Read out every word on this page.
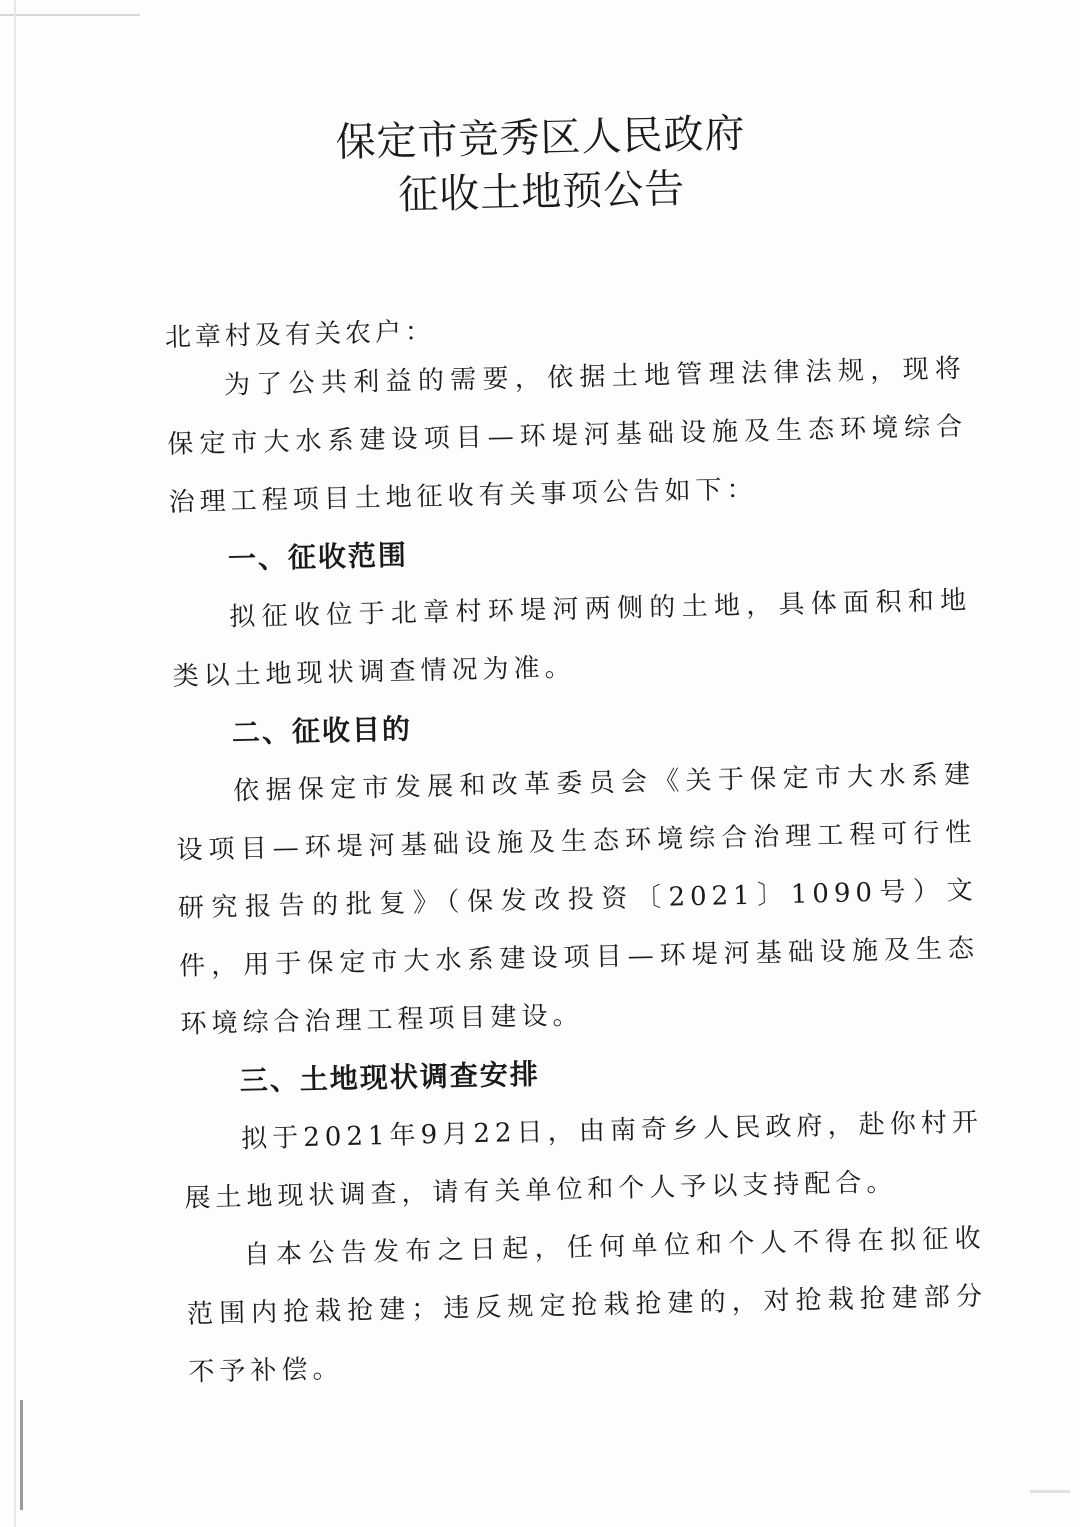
保定市竞秀区人民政府
征收土地预公告
北章村及有关农户：

为了公共利益的需要，依据土地管理法律法规，现将保定市大水系建设项目—环堤河基础设施及生态环境综合治理工程项目土地征收有关事项公告如下：

一、征收范围

拟征收位于北章村环堤河两侧的土地，具体面积和地类以土地现状调查情况为准。

二、征收目的

依据保定市发展和改革委员会《关于保定市大水系建设项目—环堤河基础设施及生态环境综合治理工程可行性研究报告的批复》（保发改投资〔2021〕1090号）文件，用于保定市大水系建设项目—环堤河基础设施及生态环境综合治理工程项目建设。

三、土地现状调查安排

拟于2021年9月22日，由南奇乡人民政府，赴你村开展土地现状调查，请有关单位和个人予以支持配合。

自本公告发布之日起，任何单位和个人不得在拟征收范围内抢栽抢建；违反规定抢栽抢建的，对抢栽抢建部分不予补偿。
